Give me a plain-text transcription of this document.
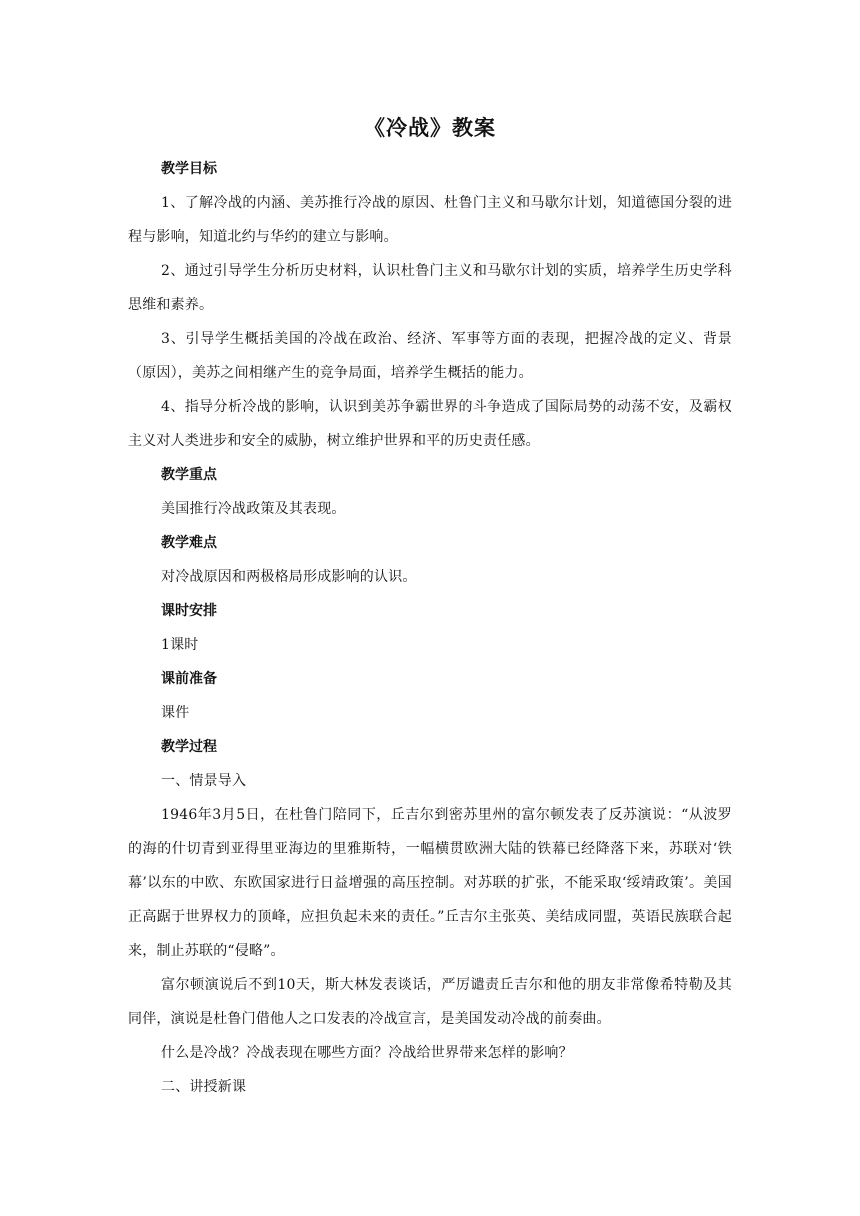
《冷战》教案

教学目标

1、了解冷战的内涵、美苏推行冷战的原因、杜鲁门主义和马歇尔计划，知道德国分裂的进程与影响，知道北约与华约的建立与影响。

2、通过引导学生分析历史材料，认识杜鲁门主义和马歇尔计划的实质，培养学生历史学科思维和素养。

3、引导学生概括美国的冷战在政治、经济、军事等方面的表现，把握冷战的定义、背景（原因），美苏之间相继产生的竞争局面，培养学生概括的能力。

4、指导分析冷战的影响，认识到美苏争霸世界的斗争造成了国际局势的动荡不安，及霸权主义对人类进步和安全的威胁，树立维护世界和平的历史责任感。

教学重点

美国推行冷战政策及其表现。

教学难点

对冷战原因和两极格局形成影响的认识。

课时安排

1课时

课前准备

课件

教学过程

一、情景导入

1946年3月5日，在杜鲁门陪同下，丘吉尔到密苏里州的富尔顿发表了反苏演说：“从波罗的海的什切青到亚得里亚海边的里雅斯特，一幅横贯欧洲大陆的铁幕已经降落下来，苏联对‘铁幕’以东的中欧、东欧国家进行日益增强的高压控制。对苏联的扩张，不能采取‘绥靖政策’。美国正高踞于世界权力的顶峰，应担负起未来的责任。”丘吉尔主张英、美结成同盟，英语民族联合起来，制止苏联的“侵略”。

富尔顿演说后不到10天，斯大林发表谈话，严厉谴责丘吉尔和他的朋友非常像希特勒及其同伴，演说是杜鲁门借他人之口发表的冷战宣言，是美国发动冷战的前奏曲。

什么是冷战？冷战表现在哪些方面？冷战给世界带来怎样的影响？

二、讲授新课
